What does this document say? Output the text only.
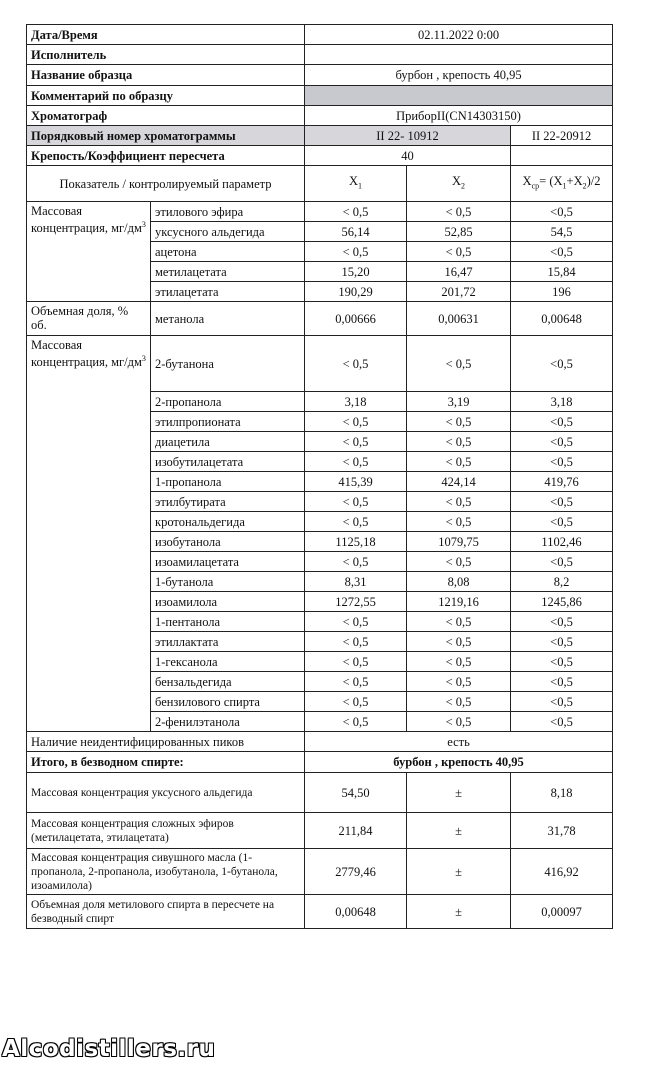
Дата/Время		02.11.2022 0:00		
Исполнитель				
Название образца		бурбон , крепость 40,95		
Комментарий по образцу				
Хроматограф		ПриборII(CN14303150)		
Порядковый номер хроматограммы		II 22- 10912		II 22-20912
Крепость/Коэффициент пересчета		40		
Показатель / контролируемый параметр		$X_1$	$X_2$	$X_{ср}= (X_1+X_2)/2$
Массовая концентрация, $мг/дм^3$	этилового эфира	< 0,5	< 0,5	<0,5
	уксусного альдегида	56,14	52,85	54,5
	ацетона	< 0,5	< 0,5	<0,5
	метилацетата	15,20	16,47	15,84
	этилацетата	190,29	201,72	196
Объемная доля, % об.	метанола	0,00666	0,00631	0,00648
Массовая концентрация, $мг/дм^3$	2-бутанона	< 0,5	< 0,5	<0,5
	2-пропанола	3,18	3,19	3,18
	этилпропионата	< 0,5	< 0,5	<0,5
	диацетила	< 0,5	< 0,5	<0,5
	изобутилацетата	< 0,5	< 0,5	<0,5
	1-пропанола	415,39	424,14	419,76
	этилбутирата	< 0,5	< 0,5	<0,5
	кротональдегида	< 0,5	< 0,5	<0,5
	изобутанола	1125,18	1079,75	1102,46
	изоамилацетата	< 0,5	< 0,5	<0,5
	1-бутанола	8,31	8,08	8,2
	изоамилола	1272,55	1219,16	1245,86
	1-пентанола	< 0,5	< 0,5	<0,5
	этиллактата	< 0,5	< 0,5	<0,5
	1-гексанола	< 0,5	< 0,5	<0,5
	бензальдегида	< 0,5	< 0,5	<0,5
	бензилового спирта	< 0,5	< 0,5	<0,5
	2-фенилэтанола	< 0,5	< 0,5	<0,5
Наличие неидентифицированных пиков		есть		
Итого, в безводном спирте:		бурбон , крепость 40,95		
Массовая концентрация уксусного альдегида		54,50	±	8,18
Массовая концентрация сложных эфиров (метилацетата, этилацетата)		211,84	±	31,78
Массовая концентрация сивушного масла (1-пропанола, 2-пропанола, изобутанола, 1-бутанола, изоамилола)		2779,46	±	416,92
Объемная доля метилового спирта в пересчете на безводный спирт		0,00648	±	0,00097
Alcodistillers.ru
